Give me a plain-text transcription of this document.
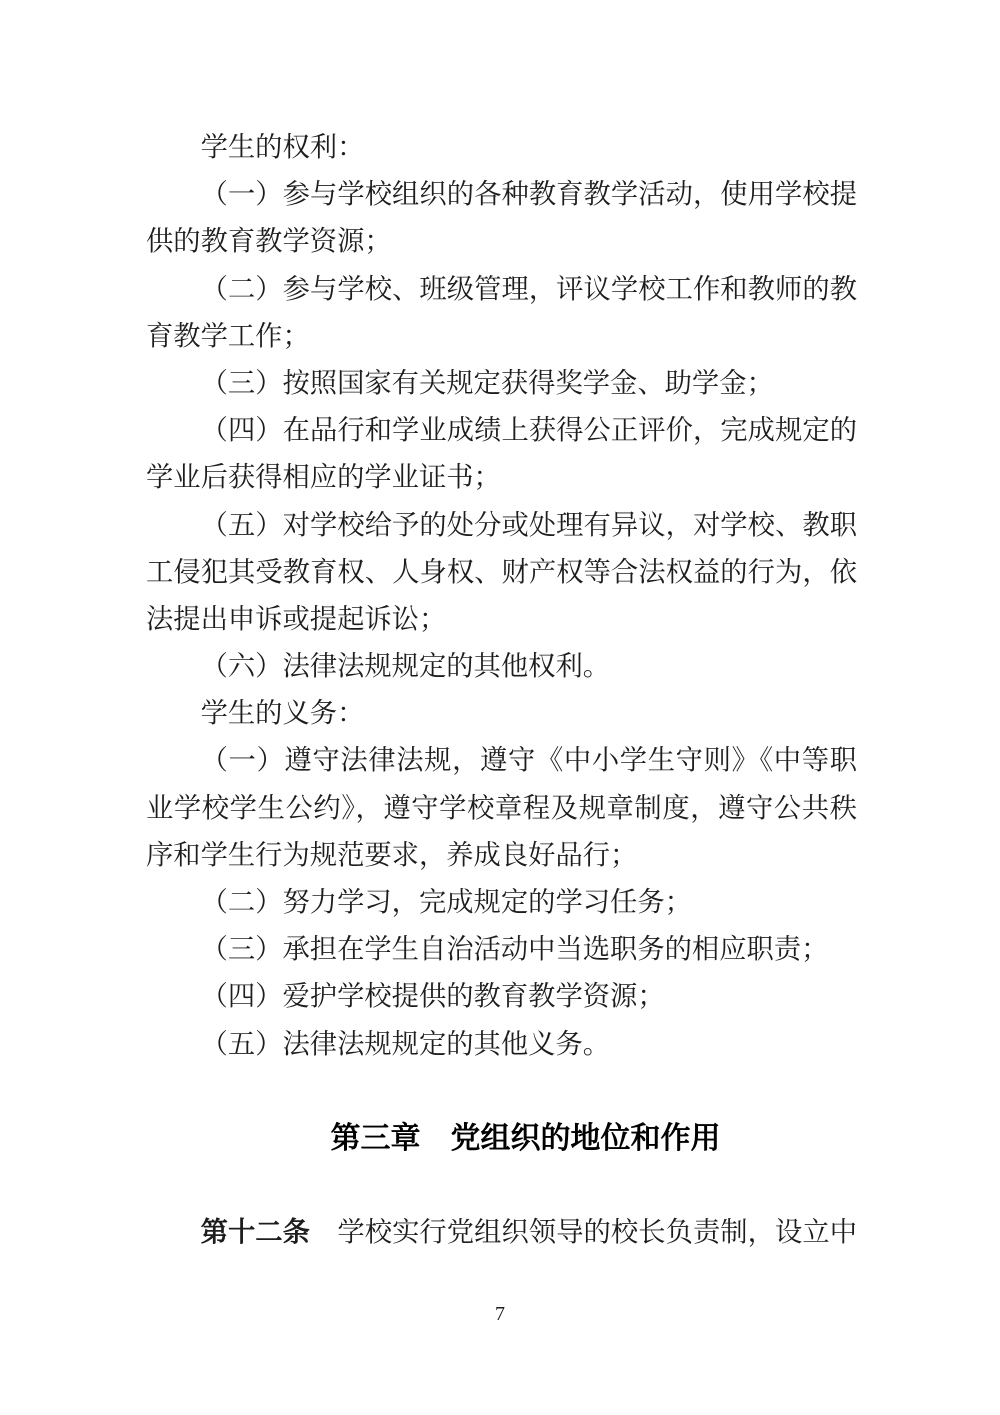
学生的权利：
（一）参与学校组织的各种教育教学活动，使用学校提
供的教育教学资源；
（二）参与学校、班级管理，评议学校工作和教师的教
育教学工作；
（三）按照国家有关规定获得奖学金、助学金；
（四）在品行和学业成绩上获得公正评价，完成规定的
学业后获得相应的学业证书；
（五）对学校给予的处分或处理有异议，对学校、教职
工侵犯其受教育权、人身权、财产权等合法权益的行为，依
法提出申诉或提起诉讼；
（六）法律法规规定的其他权利。
学生的义务：
（一）遵守法律法规，遵守《中小学生守则》《中等职
业学校学生公约》，遵守学校章程及规章制度，遵守公共秩
序和学生行为规范要求，养成良好品行；
（二）努力学习，完成规定的学习任务；
（三）承担在学生自治活动中当选职务的相应职责；
（四）爱护学校提供的教育教学资源；
（五）法律法规规定的其他义务。
第三章　党组织的地位和作用
第十二条　学校实行党组织领导的校长负责制，设立中
7
